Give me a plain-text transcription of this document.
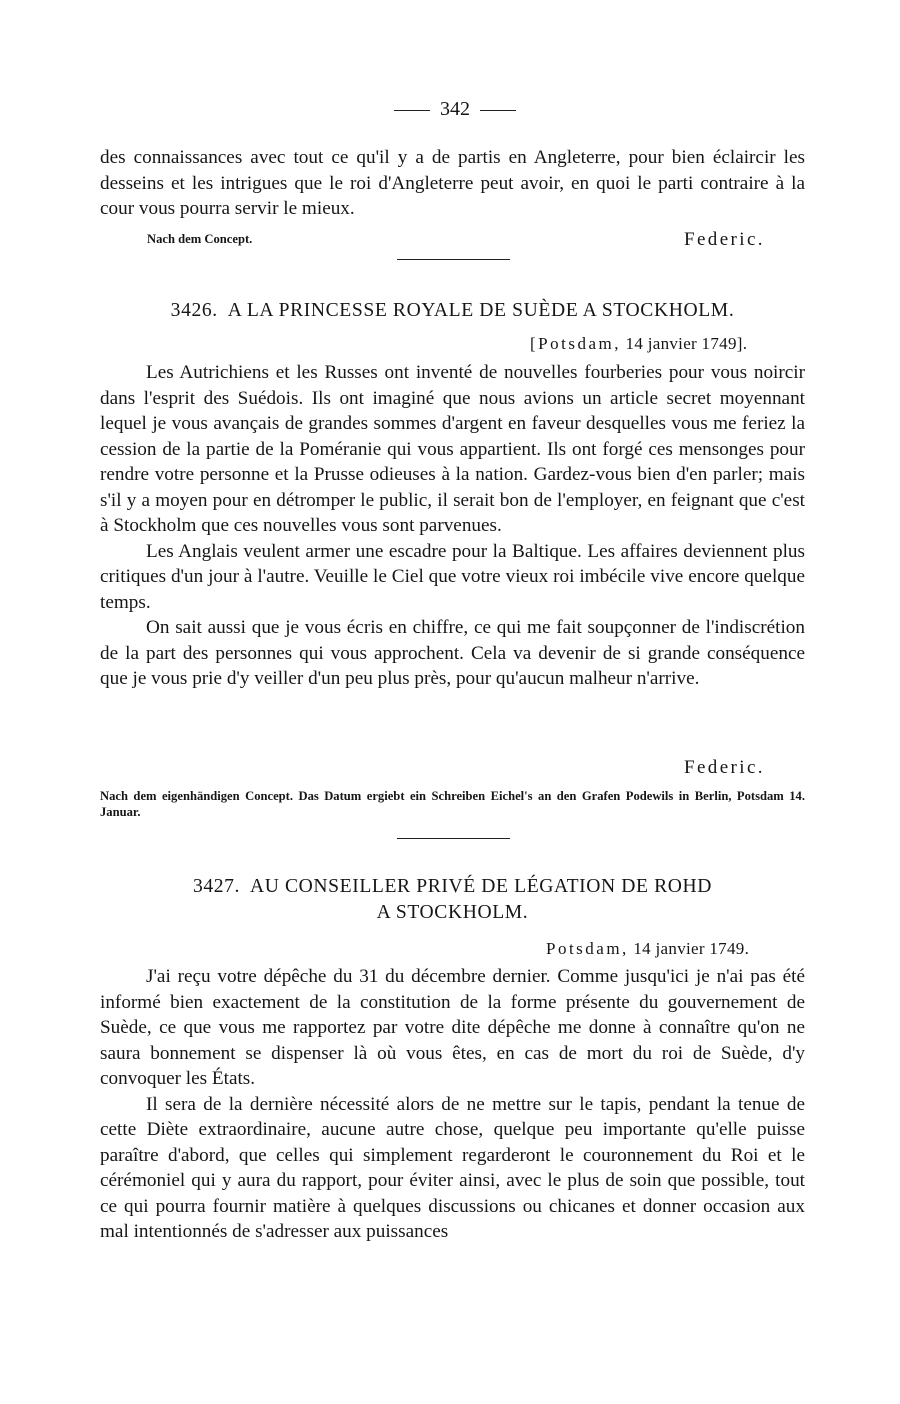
342

des connaissances avec tout ce qu'il y a de partis en Angleterre, pour bien éclaircir les desseins et les intrigues que le roi d'Angleterre peut avoir, en quoi le parti contraire à la cour vous pourra servir le mieux.

Nach dem Concept.	Federic.
3426. A LA PRINCESSE ROYALE DE SUÈDE A STOCKHOLM.
[Potsdam, 14 janvier 1749].

Les Autrichiens et les Russes ont inventé de nouvelles fourberies pour vous noircir dans l'esprit des Suédois. Ils ont imaginé que nous avions un article secret moyennant lequel je vous avançais de grandes sommes d'argent en faveur desquelles vous me feriez la cession de la partie de la Poméranie qui vous appartient. Ils ont forgé ces mensonges pour rendre votre personne et la Prusse odieuses à la nation. Gardez-vous bien d'en parler; mais s'il y a moyen pour en détromper le public, il serait bon de l'employer, en feignant que c'est à Stockholm que ces nouvelles vous sont parvenues.

Les Anglais veulent armer une escadre pour la Baltique. Les affaires deviennent plus critiques d'un jour à l'autre. Veuille le Ciel que votre vieux roi imbécile vive encore quelque temps.

On sait aussi que je vous écris en chiffre, ce qui me fait soupçonner de l'indiscrétion de la part des personnes qui vous approchent. Cela va devenir de si grande conséquence que je vous prie d'y veiller d'un peu plus près, pour qu'aucun malheur n'arrive.

Federic.

Nach dem eigenhändigen Concept. Das Datum ergiebt ein Schreiben Eichel's an den Grafen Podewils in Berlin, Potsdam 14. Januar.

3427. AU CONSEILLER PRIVÉ DE LÉGATION DE ROHD
A STOCKHOLM.
Potsdam, 14 janvier 1749.

J'ai reçu votre dépêche du 31 du décembre dernier. Comme jusqu'ici je n'ai pas été informé bien exactement de la constitution de la forme présente du gouvernement de Suède, ce que vous me rapportez par votre dite dépêche me donne à connaître qu'on ne saura bonnement se dispenser là où vous êtes, en cas de mort du roi de Suède, d'y convoquer les États.

Il sera de la dernière nécessité alors de ne mettre sur le tapis, pendant la tenue de cette Diète extraordinaire, aucune autre chose, quelque peu importante qu'elle puisse paraître d'abord, que celles qui simplement regarderont le couronnement du Roi et le cérémoniel qui y aura du rapport, pour éviter ainsi, avec le plus de soin que possible, tout ce qui pourra fournir matière à quelques discussions ou chicanes et donner occasion aux mal intentionnés de s'adresser aux puissances
